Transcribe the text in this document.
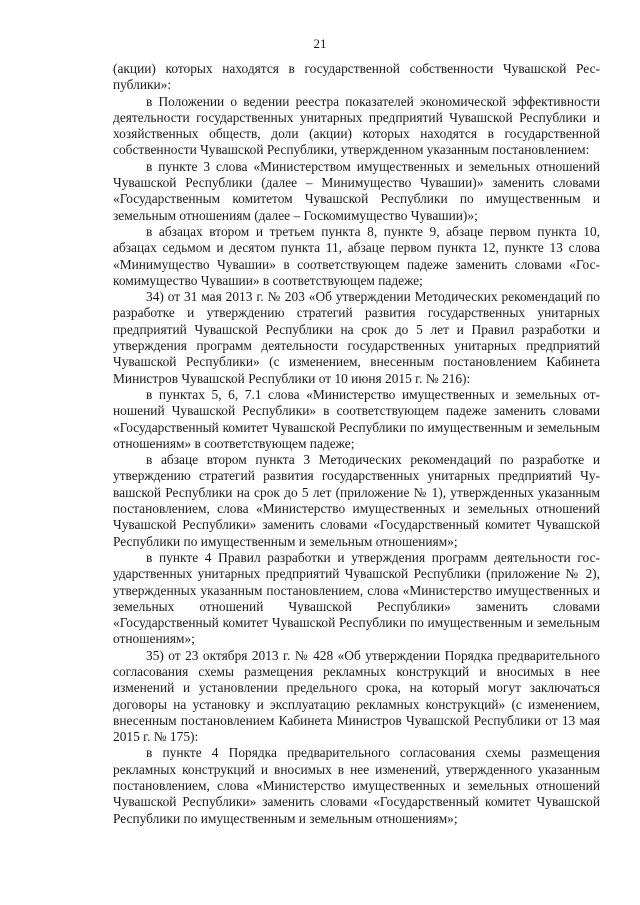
21

(акции) которых находятся в государственной собственности Чувашской Республики»:

в Положении о ведении реестра показателей экономической эффективности деятельности государственных унитарных предприятий Чувашской Республики и хозяйственных обществ, доли (акции) которых находятся в государственной собственности Чувашской Республики, утвержденном указанным постановлением:

в пункте 3 слова «Министерством имущественных и земельных отношений Чувашской Республики (далее – Минимущество Чувашии)» заменить словами «Государственным комитетом Чувашской Республики по имущественным и земельным отношениям (далее – Госкомимущество Чувашии)»;

в абзацах втором и третьем пункта 8, пункте 9, абзаце первом пункта 10, абзацах седьмом и десятом пункта 11, абзаце первом пункта 12, пункте 13 слова «Минимущество Чувашии» в соответствующем падеже заменить словами «Госкомимущество Чувашии» в соответствующем падеже;

34) от 31 мая 2013 г. № 203 «Об утверждении Методических рекомендаций по разработке и утверждению стратегий развития государственных унитарных предприятий Чувашской Республики на срок до 5 лет и Правил разработки и утверждения программ деятельности государственных унитарных предприятий Чувашской Республики» (с изменением, внесенным постановлением Кабинета Министров Чувашской Республики от 10 июня 2015 г. № 216):

в пунктах 5, 6, 7.1 слова «Министерство имущественных и земельных отношений Чувашской Республики» в соответствующем падеже заменить словами «Государственный комитет Чувашской Республики по имущественным и земельным отношениям» в соответствующем падеже;

в абзаце втором пункта 3 Методических рекомендаций по разработке и утверждению стратегий развития государственных унитарных предприятий Чувашской Республики на срок до 5 лет (приложение № 1), утвержденных указанным постановлением, слова «Министерство имущественных и земельных отношений Чувашской Республики» заменить словами «Государственный комитет Чувашской Республики по имущественным и земельным отношениям»;

в пункте 4 Правил разработки и утверждения программ деятельности государственных унитарных предприятий Чувашской Республики (приложение № 2), утвержденных указанным постановлением, слова «Министерство имущественных и земельных отношений Чувашской Республики» заменить словами «Государственный комитет Чувашской Республики по имущественным и земельным отношениям»;

35) от 23 октября 2013 г. № 428 «Об утверждении Порядка предварительного согласования схемы размещения рекламных конструкций и вносимых в нее изменений и установлении предельного срока, на который могут заключаться договоры на установку и эксплуатацию рекламных конструкций» (с изменением, внесенным постановлением Кабинета Министров Чувашской Республики от 13 мая 2015 г. № 175):

в пункте 4 Порядка предварительного согласования схемы размещения рекламных конструкций и вносимых в нее изменений, утвержденного указанным постановлением, слова «Министерство имущественных и земельных отношений Чувашской Республики» заменить словами «Государственный комитет Чувашской Республики по имущественным и земельным отношениям»;
